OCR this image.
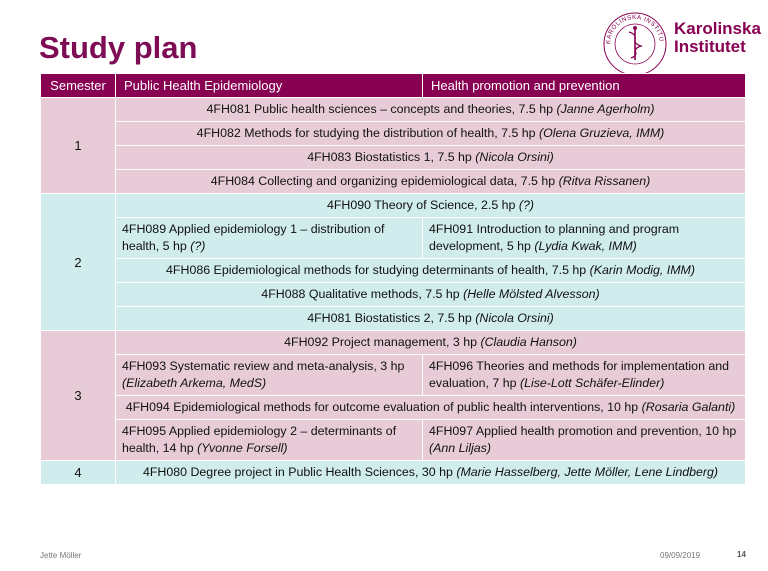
Study plan	KAROLINSKA INSTITU
Karolinska
Institutet
Semester	Public Health Epidemiology	Health promotion and prevention
1	4FH081 Public health sciences – concepts and theories, 7.5 hp (Janne Agerholm)	
	4FH082 Methods for studying the distribution of health, 7.5 hp (Olena Gruzieva, IMM)	
	4FH083 Biostatistics 1, 7.5 hp (Nicola Orsini)	
	4FH084 Collecting and organizing epidemiological data, 7.5 hp (Ritva Rissanen)	
2	4FH090 Theory of Science, 2.5 hp (?)	
	4FH089 Applied epidemiology 1 – distribution of health, 5 hp (?)	4FH091 Introduction to planning and program development, 5 hp (Lydia Kwak, IMM)
	4FH086 Epidemiological methods for studying determinants of health, 7.5 hp (Karin Modig, IMM)	
	4FH088 Qualitative methods, 7.5 hp (Helle Mölsted Alvesson)	
	4FH081 Biostatistics 2, 7.5 hp (Nicola Orsini)	
3	4FH092 Project management, 3 hp (Claudia Hanson)	
	4FH093 Systematic review and meta-analysis, 3 hp (Elizabeth Arkema, MedS)	4FH096 Theories and methods for implementation and evaluation, 7 hp (Lise-Lott Schäfer-Elinder)
	4FH094 Epidemiological methods for outcome evaluation of public health interventions, 10 hp (Rosaria Galanti)	
	4FH095 Applied epidemiology 2 – determinants of health, 14 hp (Yvonne Forsell)	4FH097 Applied health promotion and prevention, 10 hp (Ann Liljas)
4	4FH080 Degree project in Public Health Sciences, 30 hp (Marie Hasselberg, Jette Möller, Lene Lindberg)	
Jette Möller	09/09/2019	14
